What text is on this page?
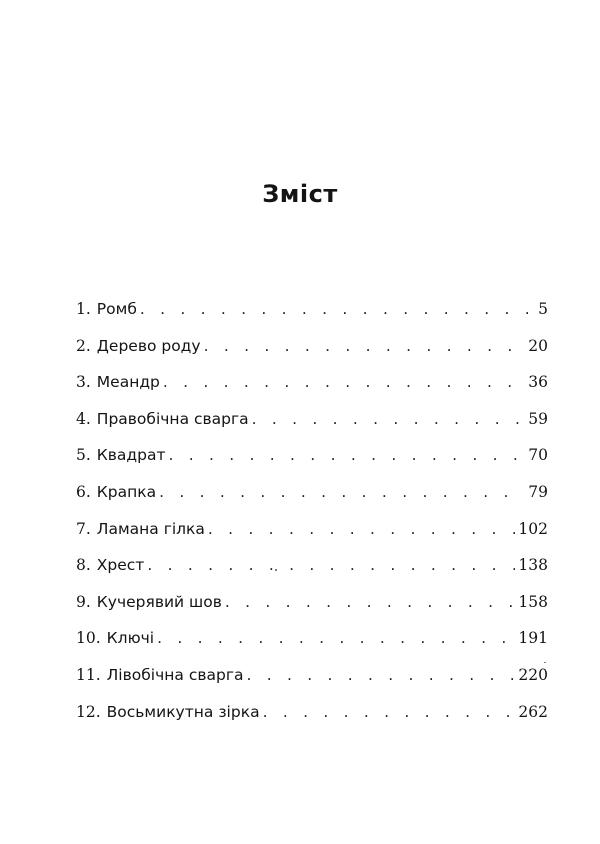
Зміст
1. Ромб . . .	5
2. Дерево роду . . .	20
3. Меандр . . .	36
4. Правобічна сварга . . .	59
5. Квадрат . . .	70
6. Крапка . . .	79
7. Ламана гілка . . .	102
8. Хрест . . .	138
9. Кучерявий шов . . .	158
10. Ключі . . .	191
11. Лівобічна сварга . . .	220
12. Восьмикутна зірка . . .	262
